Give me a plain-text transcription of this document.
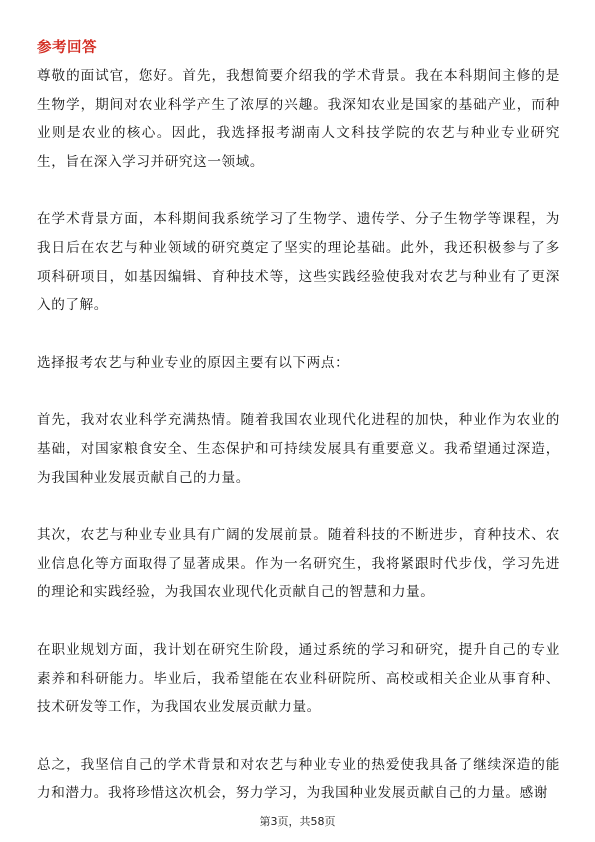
参考回答

尊敬的面试官，您好。首先，我想简要介绍我的学术背景。我在本科期间主修的是生物学，期间对农业科学产生了浓厚的兴趣。我深知农业是国家的基础产业，而种业则是农业的核心。因此，我选择报考湖南人文科技学院的农艺与种业专业研究生，旨在深入学习并研究这一领域。

在学术背景方面，本科期间我系统学习了生物学、遗传学、分子生物学等课程，为我日后在农艺与种业领域的研究奠定了坚实的理论基础。此外，我还积极参与了多项科研项目，如基因编辑、育种技术等，这些实践经验使我对农艺与种业有了更深入的了解。

选择报考农艺与种业专业的原因主要有以下两点：

首先，我对农业科学充满热情。随着我国农业现代化进程的加快，种业作为农业的基础，对国家粮食安全、生态保护和可持续发展具有重要意义。我希望通过深造，为我国种业发展贡献自己的力量。

其次，农艺与种业专业具有广阔的发展前景。随着科技的不断进步，育种技术、农业信息化等方面取得了显著成果。作为一名研究生，我将紧跟时代步伐，学习先进的理论和实践经验，为我国农业现代化贡献自己的智慧和力量。

在职业规划方面，我计划在研究生阶段，通过系统的学习和研究，提升自己的专业素养和科研能力。毕业后，我希望能在农业科研院所、高校或相关企业从事育种、技术研发等工作，为我国农业发展贡献力量。

总之，我坚信自己的学术背景和对农艺与种业专业的热爱使我具备了继续深造的能力和潜力。我将珍惜这次机会，努力学习，为我国种业发展贡献自己的力量。感谢

第3页，共58页
